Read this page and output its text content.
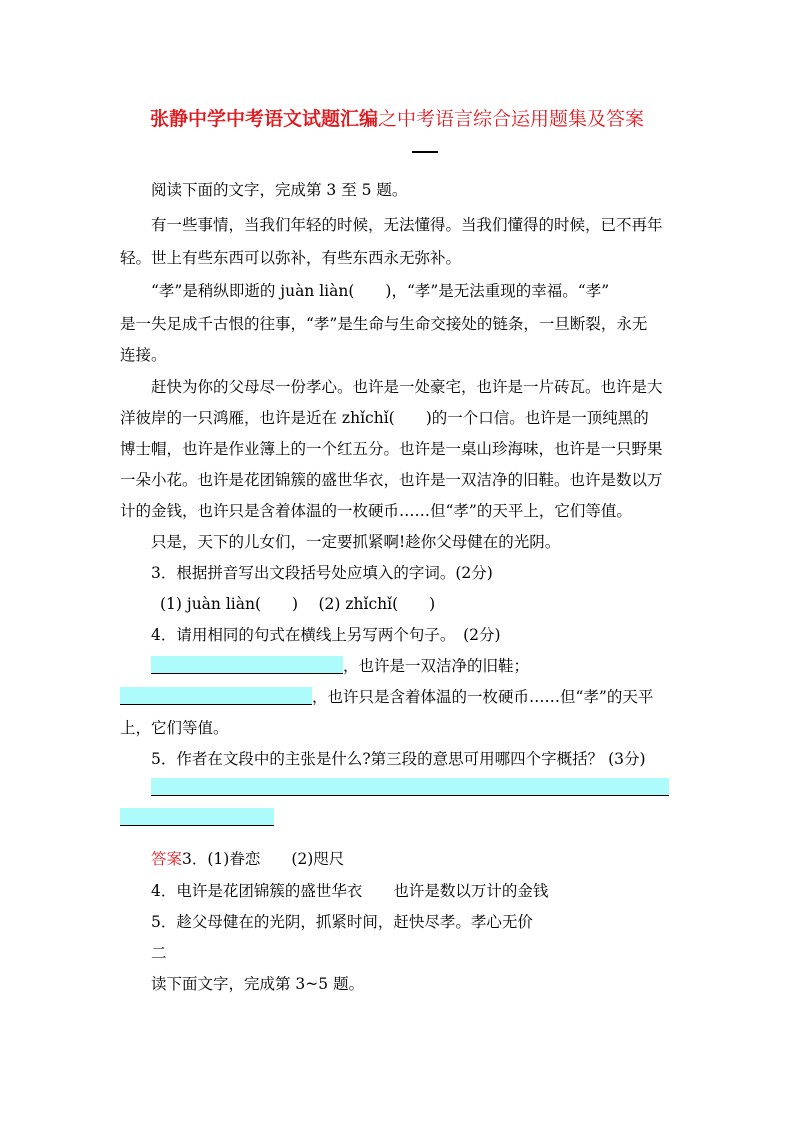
张静中学中考语文试题汇编之中考语言综合运用题集及答案
阅读下面的文字，完成第 3 至 5 题。
有一些事情，当我们年轻的时候，无法懂得。当我们懂得的时候，已不再年
轻。世上有些东西可以弥补，有些东西永无弥补。
“孝”是稍纵即逝的 juàn liàn(　　)，“孝”是无法重现的幸福。“孝”
是一失足成千古恨的往事，“孝”是生命与生命交接处的链条，一旦断裂，永无
连接。
赶快为你的父母尽一份孝心。也许是一处豪宅，也许是一片砖瓦。也许是大
洋彼岸的一只鸿雁，也许是近在 zhǐchǐ(　　)的一个口信。也许是一顶纯黑的
博士帽，也许是作业簿上的一个红五分。也许是一桌山珍海味，也许是一只野果
一朵小花。也许是花团锦簇的盛世华衣，也许是一双洁净的旧鞋。也许是数以万
计的金钱，也许只是含着体温的一枚硬币……但“孝”的天平上，它们等值。
只是，天下的儿女们，一定要抓紧啊!趁你父母健在的光阴。
3．根据拼音写出文段括号处应填入的字词。(2分)
(1) juàn liàn(　　)　 (2) zhǐchǐ(　　)
4．请用相同的句式在横线上另写两个句子。　(2分)
，也许是一双洁净的旧鞋；
，也许只是含着体温的一枚硬币……但“孝”的天平
上，它们等值。
5．作者在文段中的主张是什么?第三段的意思可用哪四个字概括？ (3分)
答案3．(1)眷恋　　(2)咫尺
4．电许是花团锦簇的盛世华衣　　也许是数以万计的金钱
5．趁父母健在的光阴，抓紧时间，赶快尽孝。孝心无价
二
读下面文字，完成第 3~5 题。
